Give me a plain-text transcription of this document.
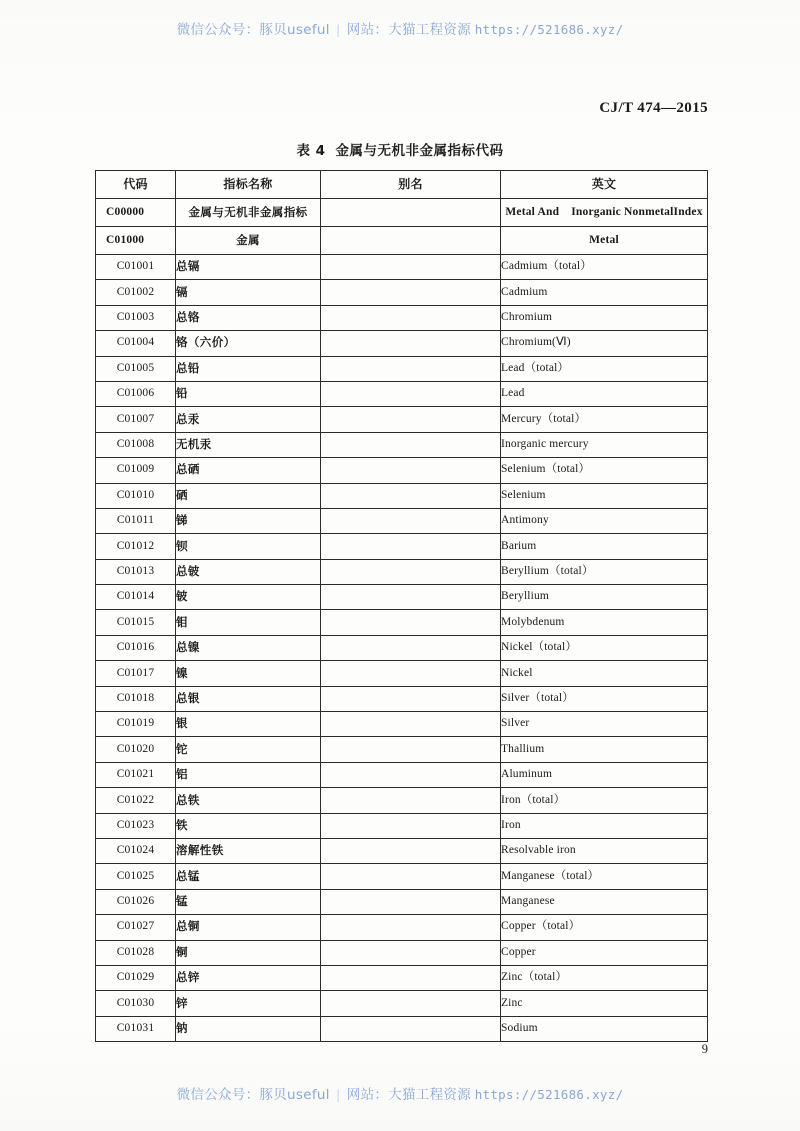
微信公众号：豚贝useful | 网站：大猫工程资源 https://521686.xyz/
CJ/T 474—2015
表 4 金属与无机非金属指标代码
代码	指标名称	别名	英文
C00000	金属与无机非金属指标		Metal And Inorganic NonmetalIndex
C01000	金属		Metal
C01001	总镉		Cadmium（total）
C01002	镉		Cadmium
C01003	总铬		Chromium
C01004	铬（六价）		Chromium(Ⅵ)
C01005	总铅		Lead（total）
C01006	铅		Lead
C01007	总汞		Mercury（total）
C01008	无机汞		Inorganic mercury
C01009	总硒		Selenium（total）
C01010	硒		Selenium
C01011	锑		Antimony
C01012	钡		Barium
C01013	总铍		Beryllium（total）
C01014	铍		Beryllium
C01015	钼		Molybdenum
C01016	总镍		Nickel（total）
C01017	镍		Nickel
C01018	总银		Silver（total）
C01019	银		Silver
C01020	铊		Thallium
C01021	铝		Aluminum
C01022	总铁		Iron（total）
C01023	铁		Iron
C01024	溶解性铁		Resolvable iron
C01025	总锰		Manganese（total）
C01026	锰		Manganese
C01027	总铜		Copper（total）
C01028	铜		Copper
C01029	总锌		Zinc（total）
C01030	锌		Zinc
C01031	钠		Sodium
9
微信公众号：豚贝useful | 网站：大猫工程资源 https://521686.xyz/
